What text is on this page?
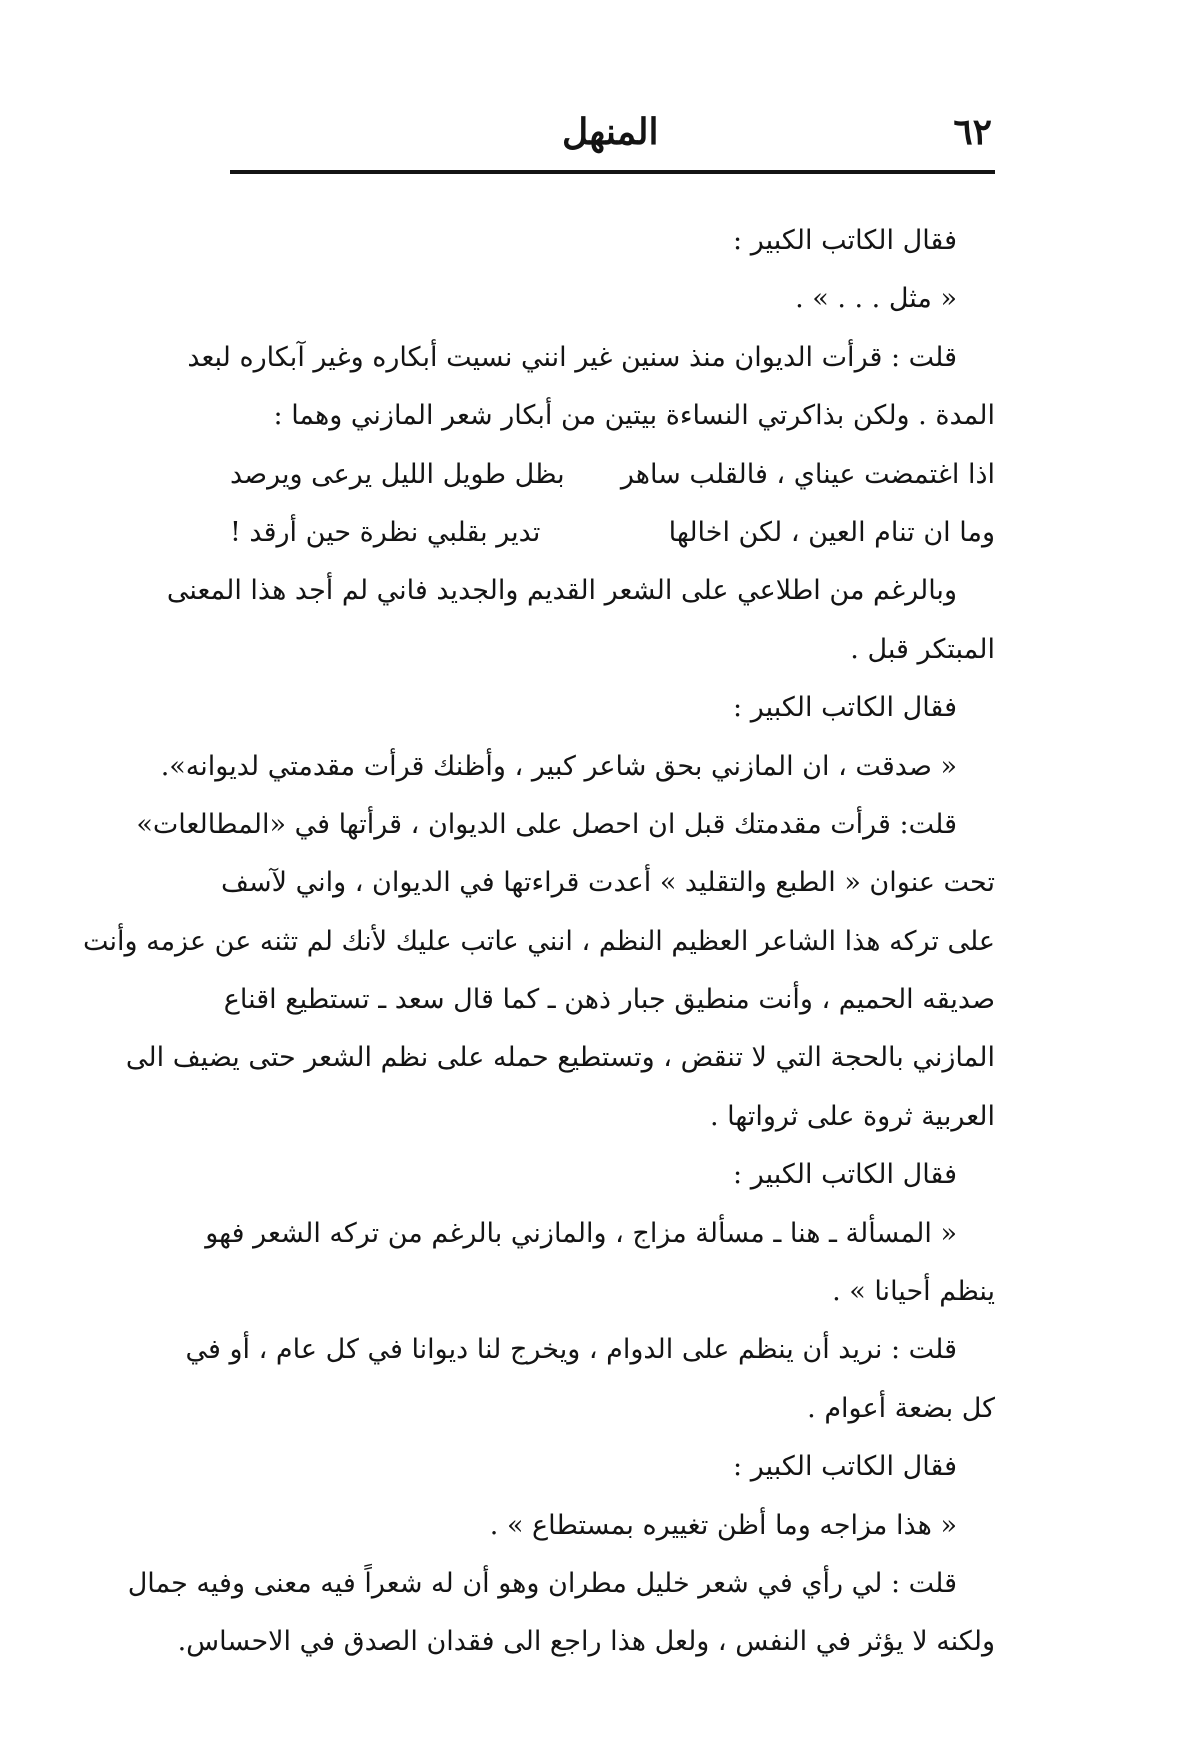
المنهل	٦٢
فقال الكاتب الكبير :
« مثل . . . » .
قلت : قرأت الديوان منذ سنين غير انني نسيت أبكاره وغير آبكاره لبعد
المدة . ولكن بذاكرتي النساءة بيتين من أبكار شعر المازني وهما :
اذا اغتمضت عيناي ، فالقلب ساهر
بظل طويل الليل يرعى ويرصد
وما ان تنام العين ، لكن اخالها
تدير بقلبي نظرة حين أرقد !
وبالرغم من اطلاعي على الشعر القديم والجديد فاني لم أجد هذا المعنى
المبتكر قبل .
فقال الكاتب الكبير :
« صدقت ، ان المازني بحق شاعر كبير ، وأظنك قرأت مقدمتي لديوانه».
قلت: قرأت مقدمتك قبل ان احصل على الديوان ، قرأتها في «المطالعات»
تحت عنوان « الطبع والتقليد » أعدت قراءتها في الديوان ، واني لآسف
على تركه هذا الشاعر العظيم النظم ، انني عاتب عليك لأنك لم تثنه عن عزمه وأنت
صديقه الحميم ، وأنت منطيق جبار ذهن ـ كما قال سعد ـ تستطيع اقناع
المازني بالحجة التي لا تنقض ، وتستطيع حمله على نظم الشعر حتى يضيف الى
العربية ثروة على ثرواتها .
فقال الكاتب الكبير :
« المسألة ـ هنا ـ مسألة مزاج ، والمازني بالرغم من تركه الشعر فهو
ينظم أحيانا » .
قلت : نريد أن ينظم على الدوام ، ويخرج لنا ديوانا في كل عام ، أو في
كل بضعة أعوام .
فقال الكاتب الكبير :
« هذا مزاجه وما أظن تغييره بمستطاع » .
قلت : لي رأي في شعر خليل مطران وهو أن له شعراً فيه معنى وفيه جمال
ولكنه لا يؤثر في النفس ، ولعل هذا راجع الى فقدان الصدق في الاحساس.
